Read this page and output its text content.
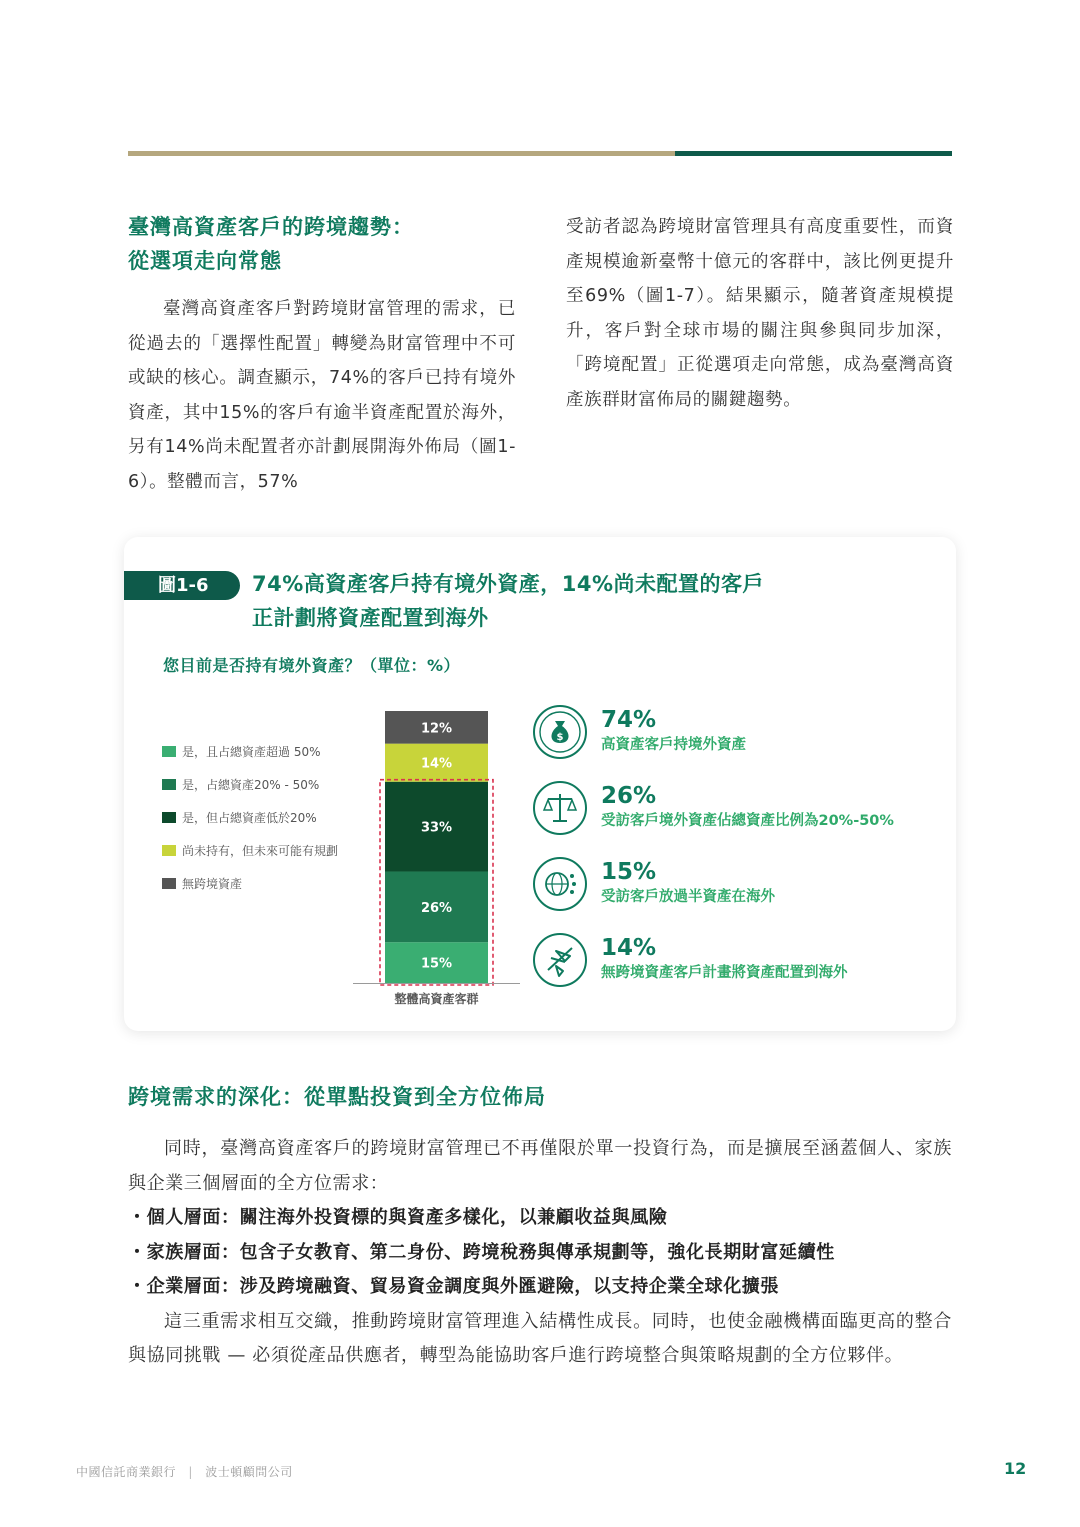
臺灣高資產客戶的跨境趨勢：
從選項走向常態

臺灣高資產客戶對跨境財富管理的需求，已從過去的「選擇性配置」轉變為財富管理中不可或缺的核心。調查顯示，74%的客戶已持有境外資產，其中15%的客戶有逾半資產配置於海外，另有14%尚未配置者亦計劃展開海外佈局（圖1-6）。整體而言，57%

受訪者認為跨境財富管理具有高度重要性，而資產規模逾新臺幣十億元的客群中，該比例更提升至69%（圖1-7）。結果顯示，隨著資產規模提升，客戶對全球市場的關注與參與同步加深，「跨境配置」正從選項走向常態，成為臺灣高資產族群財富佈局的關鍵趨勢。

圖1-6	74%高資產客戶持有境外資產，14%尚未配置的客戶
正計劃將資產配置到海外
您目前是否持有境外資產？（單位：%）
是，且占總資產超過 50%
是，占總資產20% - 50%
是，但占總資產低於20%
尚未持有，但未來可能有規劃
無跨境資產
15%
26%
33%
14%
12%
整體高資產客群
$
74%
高資產客戶持境外資產
26%
受訪客戶境外資產佔總資產比例為20%-50%
15%
受訪客戶放過半資產在海外
14%
無跨境資產客戶計畫將資產配置到海外
跨境需求的深化：從單點投資到全方位佈局

同時，臺灣高資產客戶的跨境財富管理已不再僅限於單一投資行為，而是擴展至涵蓋個人、家族與企業三個層面的全方位需求：

・個人層面：關注海外投資標的與資產多樣化，以兼顧收益與風險
・家族層面：包含子女教育、第二身份、跨境稅務與傳承規劃等，強化長期財富延續性
・企業層面：涉及跨境融資、貿易資金調度與外匯避險，以支持企業全球化擴張

這三重需求相互交織，推動跨境財富管理進入結構性成長。同時，也使金融機構面臨更高的整合與協同挑戰 — 必須從產品供應者，轉型為能協助客戶進行跨境整合與策略規劃的全方位夥伴。

中國信託商業銀行 | 波士頓顧問公司	12
